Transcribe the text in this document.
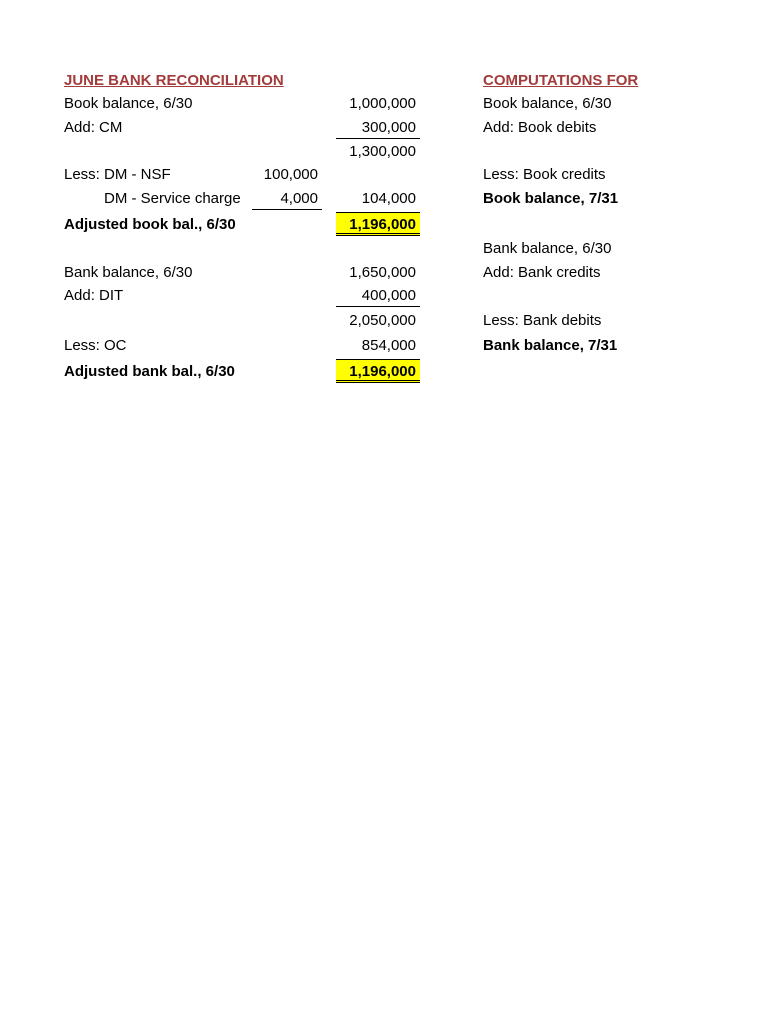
JUNE BANK RECONCILIATION
Book balance, 6/30	1,000,000
Add: CM	300,000
1,300,000
Less: DM - NSF	100,000
DM - Service charge	4,000	104,000
Adjusted book bal., 6/30	1,196,000
Bank balance, 6/30	1,650,000
Add: DIT	400,000
2,050,000
Less: OC	854,000
Adjusted bank bal., 6/30	1,196,000
COMPUTATIONS FOR
Book balance, 6/30
Add: Book debits
Less: Book credits
Book balance, 7/31
Bank balance, 6/30
Add: Bank credits
Less: Bank debits
Bank balance, 7/31
